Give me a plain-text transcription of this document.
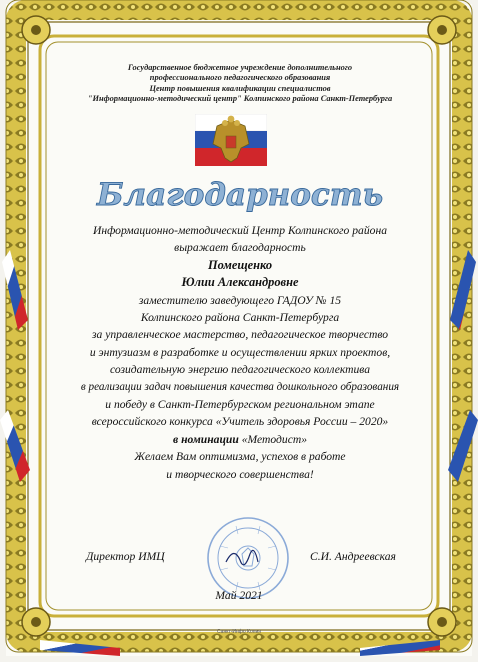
Государственное бюджетное учреждение дополнительного
профессионального педагогического образования
Центр повышения квалификации специалистов
"Информационно-методический центр" Колпинского района Санкт-Петербурга
Благодарность
Информационно-методический Центр Колпинского района
выражает благодарность
Помещенко
Юлии Александровне
заместителю заведующего ГАДОУ № 15
Колпинского района Санкт-Петербурга
за управленческое мастерство, педагогическое творчество
и энтузиазм в разработке и осуществлении ярких проектов,
созидательную энергию педагогического коллектива
в реализации задач повышения качества дошкольного образования
и победу в Санкт-Петербургском региональном этапе
всероссийского конкурса «Учитель здоровья России – 2020»
в номинации «Методист»
Желаем Вам оптимизма, успехов в работе
и творческого совершенства!
Директор ИМЦ	С.И. Андреевская
Май 2021
Санкт-Инфо Копия
